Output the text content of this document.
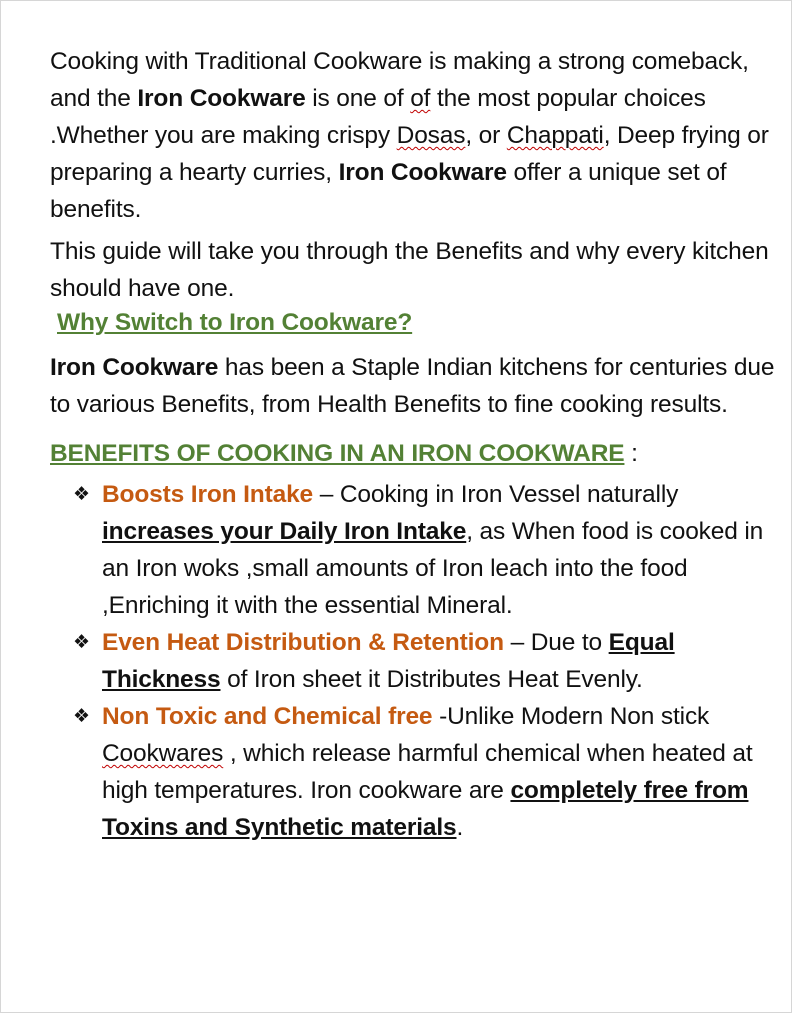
Cooking with Traditional Cookware is making a strong comeback, and the Iron Cookware is one of of the most popular choices .Whether you are making crispy Dosas, or Chappati, Deep frying or preparing a hearty curries, Iron Cookware offer a unique set of benefits.

This guide will take you through the Benefits and why every kitchen should have one.

Why Switch to Iron Cookware?

Iron Cookware has been a Staple Indian kitchens for centuries due to various Benefits, from Health Benefits to fine cooking results.

BENEFITS OF COOKING IN AN IRON COOKWARE :

❖ Boosts Iron Intake – Cooking in Iron Vessel naturally increases your Daily Iron Intake, as When food is cooked in an Iron woks ,small amounts of Iron leach into the food ,Enriching it with the essential Mineral.
❖ Even Heat Distribution & Retention – Due to Equal Thickness of Iron sheet it Distributes Heat Evenly.
❖ Non Toxic and Chemical free -Unlike Modern Non stick Cookwares , which release harmful chemical when heated at high temperatures. Iron cookware are completely free from Toxins and Synthetic materials.
